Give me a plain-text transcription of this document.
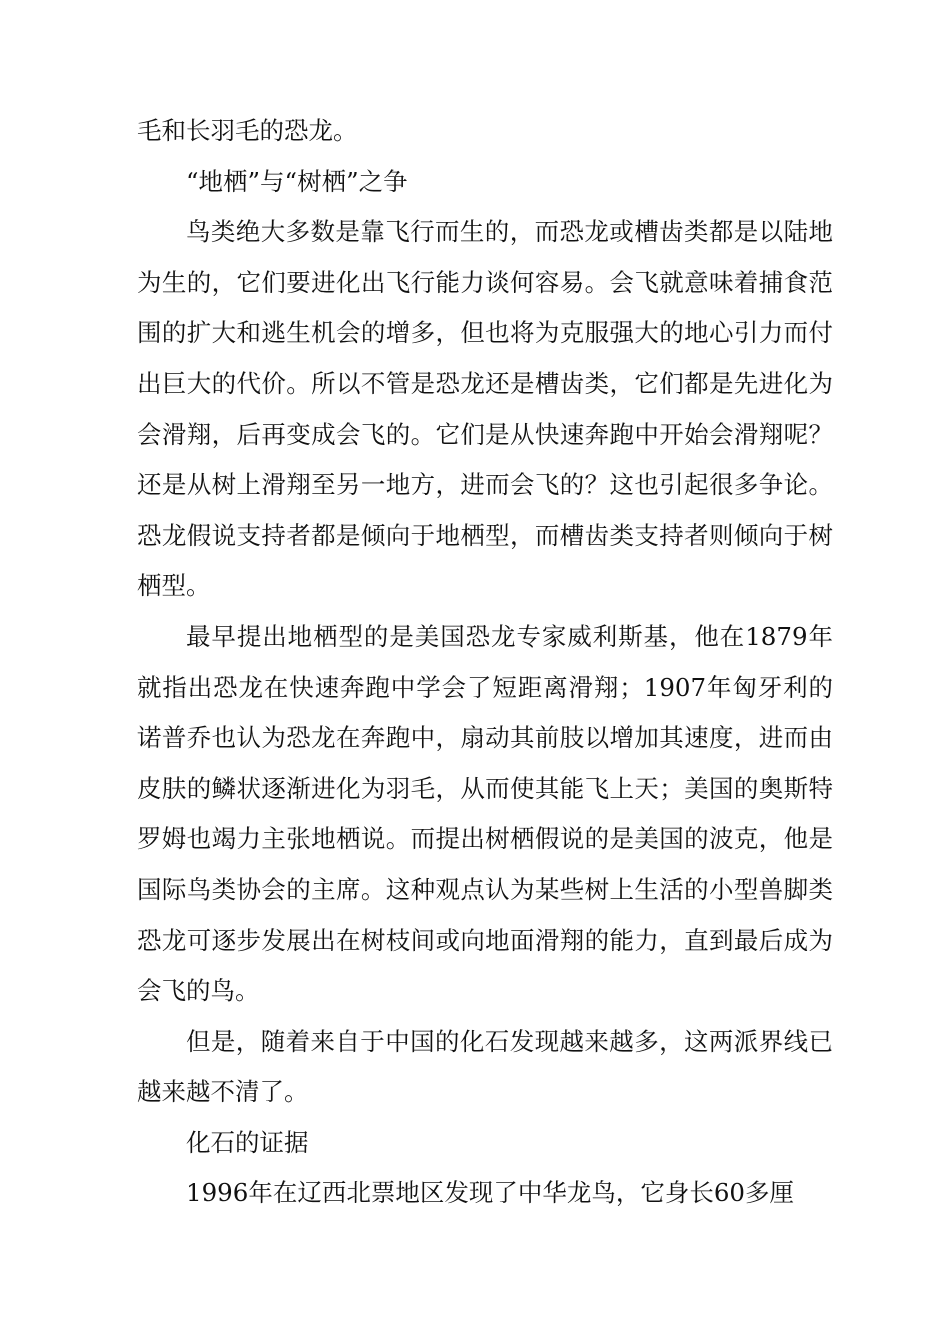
毛和长羽毛的恐龙。

“地栖”与“树栖”之争

鸟类绝大多数是靠飞行而生的，而恐龙或槽齿类都是以陆地为生的，它们要进化出飞行能力谈何容易。会飞就意味着捕食范围的扩大和逃生机会的增多，但也将为克服强大的地心引力而付出巨大的代价。所以不管是恐龙还是槽齿类，它们都是先进化为会滑翔，后再变成会飞的。它们是从快速奔跑中开始会滑翔呢？还是从树上滑翔至另一地方，进而会飞的？这也引起很多争论。恐龙假说支持者都是倾向于地栖型，而槽齿类支持者则倾向于树栖型。

最早提出地栖型的是美国恐龙专家威利斯基，他在1879年就指出恐龙在快速奔跑中学会了短距离滑翔；1907年匈牙利的诺普乔也认为恐龙在奔跑中，扇动其前肢以增加其速度，进而由皮肤的鳞状逐渐进化为羽毛，从而使其能飞上天；美国的奥斯特罗姆也竭力主张地栖说。而提出树栖假说的是美国的波克，他是国际鸟类协会的主席。这种观点认为某些树上生活的小型兽脚类恐龙可逐步发展出在树枝间或向地面滑翔的能力，直到最后成为会飞的鸟。

但是，随着来自于中国的化石发现越来越多，这两派界线已越来越不清了。

化石的证据

1996年在辽西北票地区发现了中华龙鸟，它身长60多厘
